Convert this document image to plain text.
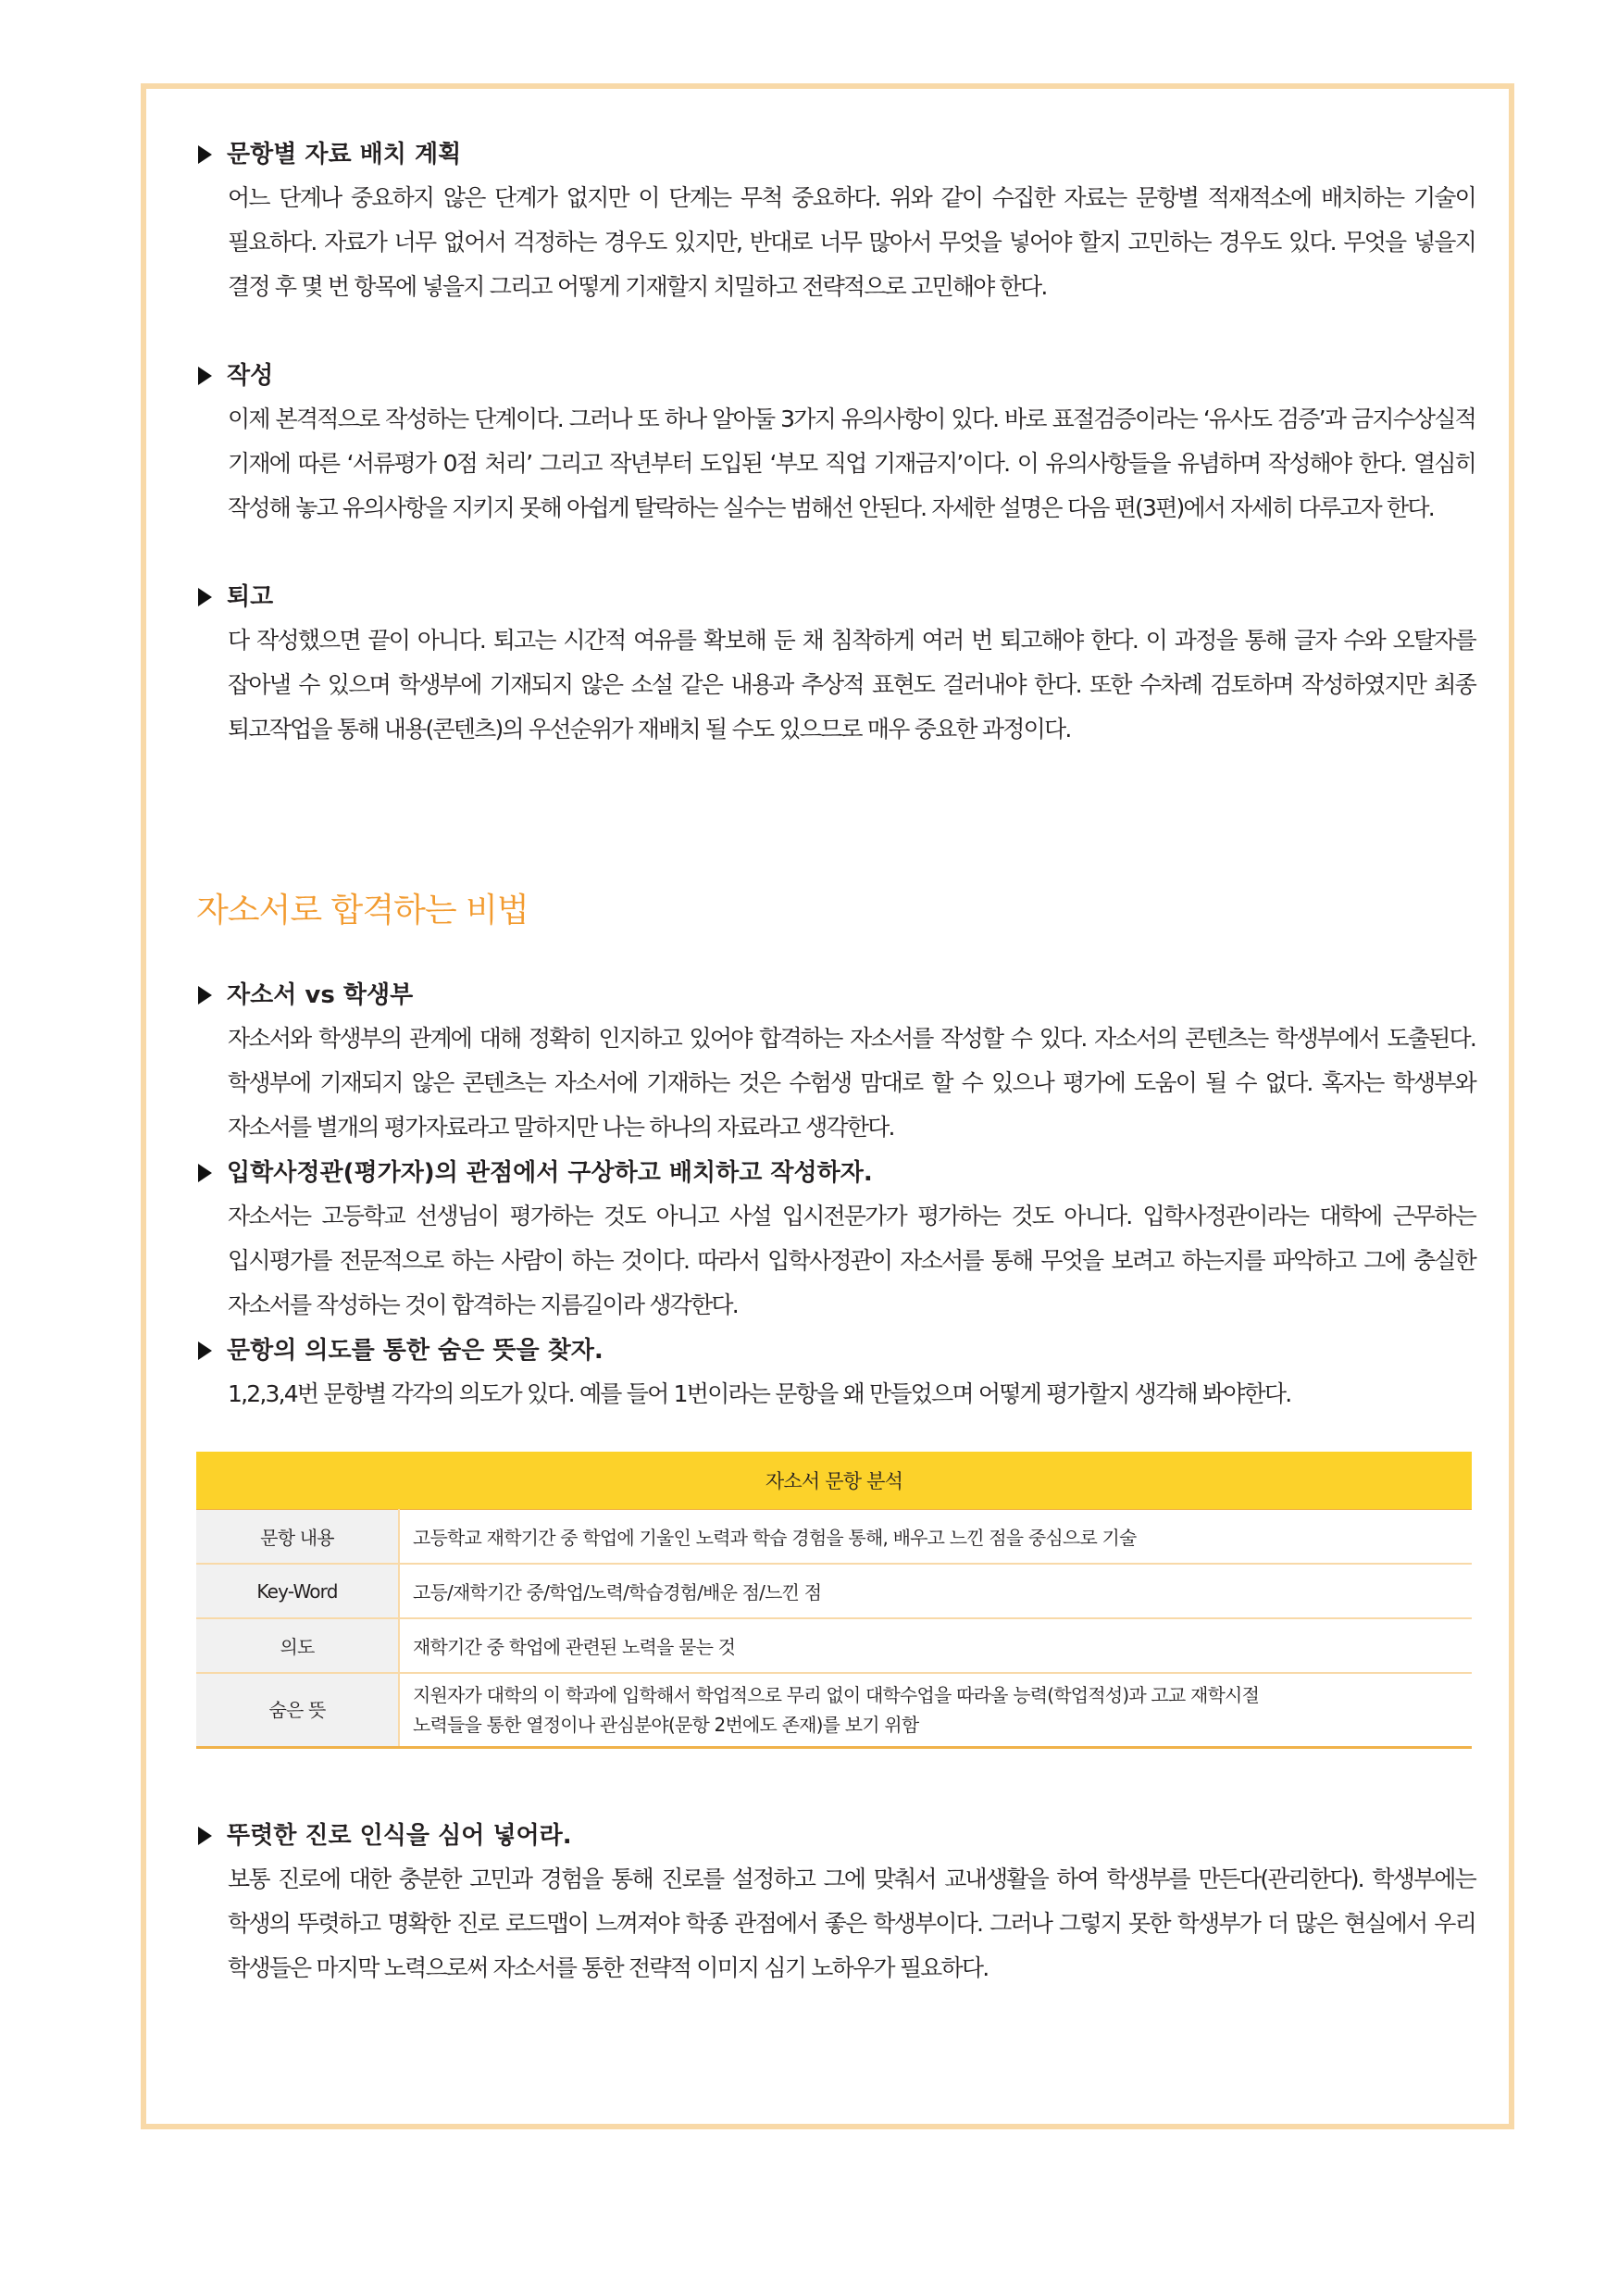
문항별 자료 배치 계획

어느 단계나 중요하지 않은 단계가 없지만 이 단계는 무척 중요하다. 위와 같이 수집한 자료는 문항별 적재적소에 배치하는 기술이 필요하다. 자료가 너무 없어서 걱정하는 경우도 있지만, 반대로 너무 많아서 무엇을 넣어야 할지 고민하는 경우도 있다. 무엇을 넣을지 결정 후 몇 번 항목에 넣을지 그리고 어떻게 기재할지 치밀하고 전략적으로 고민해야 한다.

작성

이제 본격적으로 작성하는 단계이다. 그러나 또 하나 알아둘 3가지 유의사항이 있다. 바로 표절검증이라는 ‘유사도 검증’과 금지수상실적 기재에 따른 ‘서류평가 0점 처리’ 그리고 작년부터 도입된 ‘부모 직업 기재금지’이다. 이 유의사항들을 유념하며 작성해야 한다. 열심히 작성해 놓고 유의사항을 지키지 못해 아쉽게 탈락하는 실수는 범해선 안된다. 자세한 설명은 다음 편(3편)에서 자세히 다루고자 한다.

퇴고

다 작성했으면 끝이 아니다. 퇴고는 시간적 여유를 확보해 둔 채 침착하게 여러 번 퇴고해야 한다. 이 과정을 통해 글자 수와 오탈자를 잡아낼 수 있으며 학생부에 기재되지 않은 소설 같은 내용과 추상적 표현도 걸러내야 한다. 또한 수차례 검토하며 작성하였지만 최종 퇴고작업을 통해 내용(콘텐츠)의 우선순위가 재배치 될 수도 있으므로 매우 중요한 과정이다.

자소서로 합격하는 비법
자소서 vs 학생부

자소서와 학생부의 관계에 대해 정확히 인지하고 있어야 합격하는 자소서를 작성할 수 있다. 자소서의 콘텐츠는 학생부에서 도출된다. 학생부에 기재되지 않은 콘텐츠는 자소서에 기재하는 것은 수험생 맘대로 할 수 있으나 평가에 도움이 될 수 없다. 혹자는 학생부와 자소서를 별개의 평가자료라고 말하지만 나는 하나의 자료라고 생각한다.

입학사정관(평가자)의 관점에서 구상하고 배치하고 작성하자.

자소서는 고등학교 선생님이 평가하는 것도 아니고 사설 입시전문가가 평가하는 것도 아니다. 입학사정관이라는 대학에 근무하는 입시평가를 전문적으로 하는 사람이 하는 것이다. 따라서 입학사정관이 자소서를 통해 무엇을 보려고 하는지를 파악하고 그에 충실한 자소서를 작성하는 것이 합격하는 지름길이라 생각한다.

문항의 의도를 통한 숨은 뜻을 찾자.

1,2,3,4번 문항별 각각의 의도가 있다. 예를 들어 1번이라는 문항을 왜 만들었으며 어떻게 평가할지 생각해 봐야한다.

자소서 문항 분석	
문항 내용	고등학교 재학기간 중 학업에 기울인 노력과 학습 경험을 통해, 배우고 느낀 점을 중심으로 기술
Key-Word	고등/재학기간 중/학업/노력/학습경험/배운 점/느낀 점
의도	재학기간 중 학업에 관련된 노력을 묻는 것
숨은 뜻	지원자가 대학의 이 학과에 입학해서 학업적으로 무리 없이 대학수업을 따라올 능력(학업적성)과 고교 재학시절
노력들을 통한 열정이나 관심분야(문항 2번에도 존재)를 보기 위함
뚜렷한 진로 인식을 심어 넣어라.

보통 진로에 대한 충분한 고민과 경험을 통해 진로를 설정하고 그에 맞춰서 교내생활을 하여 학생부를 만든다(관리한다). 학생부에는 학생의 뚜렷하고 명확한 진로 로드맵이 느껴져야 학종 관점에서 좋은 학생부이다. 그러나 그렇지 못한 학생부가 더 많은 현실에서 우리 학생들은 마지막 노력으로써 자소서를 통한 전략적 이미지 심기 노하우가 필요하다.
